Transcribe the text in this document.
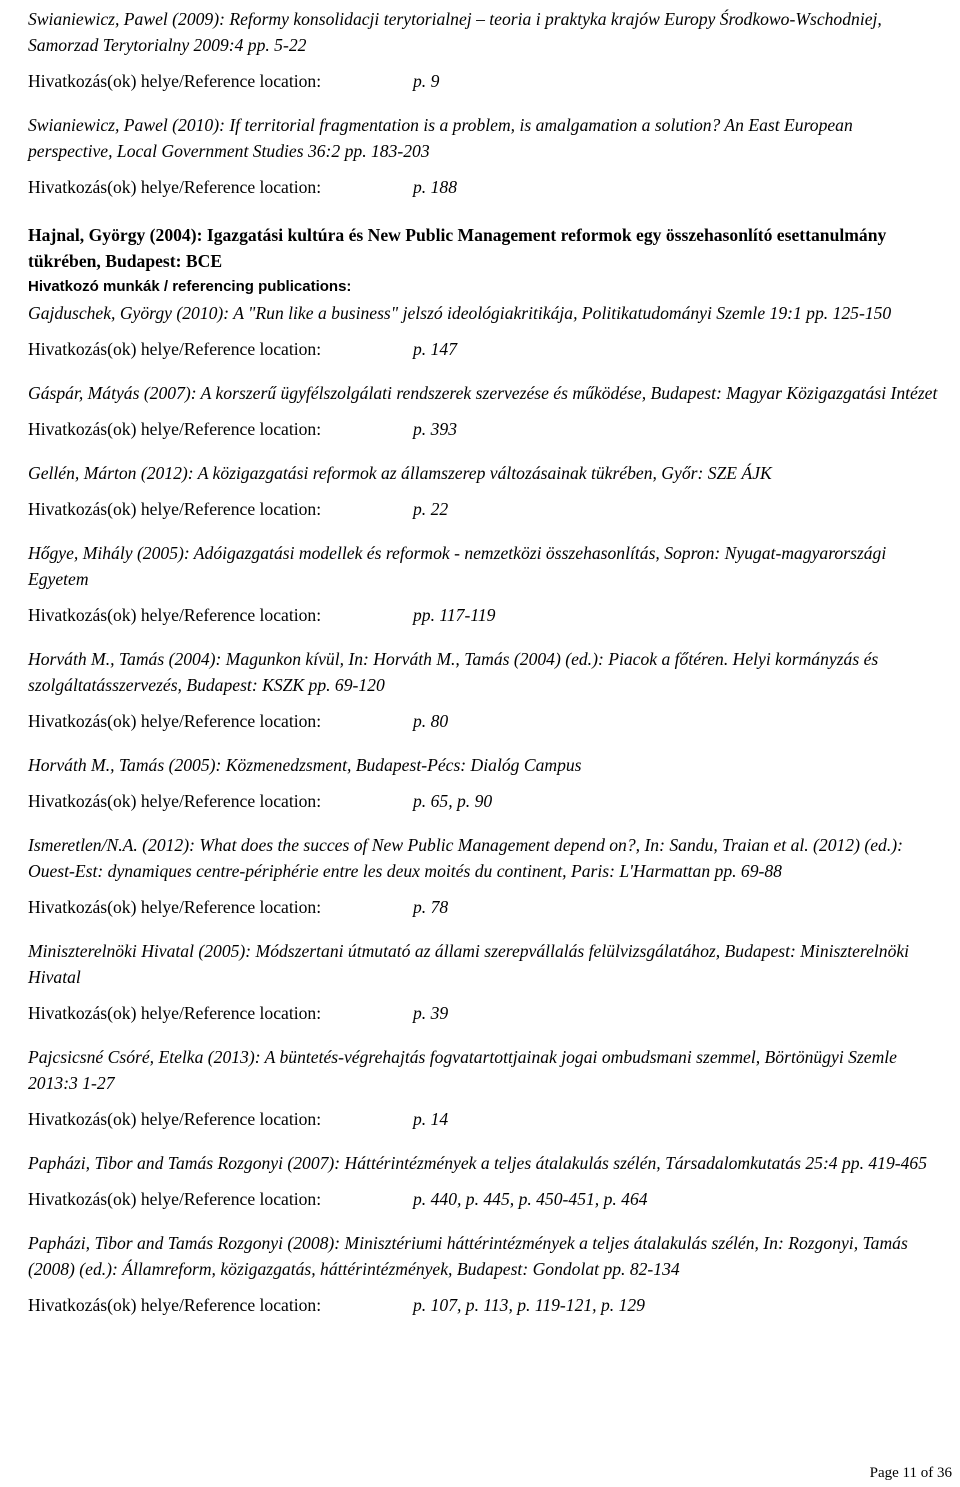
Swianiewicz, Pawel (2009): Reformy konsolidacji terytorialnej – teoria i praktyka krajów Europy Środkowo-Wschodniej, Samorzad Terytorialny 2009:4 pp. 5-22
Hivatkozás(ok) helye/Reference location:	p. 9
Swianiewicz, Pawel (2010): If territorial fragmentation is a problem, is amalgamation a solution? An East European perspective, Local Government Studies 36:2 pp. 183-203
Hivatkozás(ok) helye/Reference location:	p. 188
Hajnal, György (2004): Igazgatási kultúra és New Public Management reformok egy összehasonlító esettanulmány tükrében, Budapest: BCE
Hivatkozó munkák / referencing publications:
Gajduschek, György (2010): A "Run like a business" jelszó ideológiakritikája, Politikatudományi Szemle 19:1 pp. 125-150
Hivatkozás(ok) helye/Reference location:	p. 147
Gáspár, Mátyás (2007): A korszerű ügyfélszolgálati rendszerek szervezése és működése, Budapest: Magyar Közigazgatási Intézet
Hivatkozás(ok) helye/Reference location:	p. 393
Gellén, Márton (2012): A közigazgatási reformok az államszerep változásainak tükrében, Győr: SZE ÁJK
Hivatkozás(ok) helye/Reference location:	p. 22
Hőgye, Mihály (2005): Adóigazgatási modellek és reformok - nemzetközi összehasonlítás, Sopron: Nyugat-magyarországi Egyetem
Hivatkozás(ok) helye/Reference location:	pp. 117-119
Horváth M., Tamás (2004): Magunkon kívül, In: Horváth M., Tamás (2004) (ed.): Piacok a főtéren. Helyi kormányzás és szolgáltatásszervezés, Budapest: KSZK pp. 69-120
Hivatkozás(ok) helye/Reference location:	p. 80
Horváth M., Tamás (2005): Közmenedzsment, Budapest-Pécs: Dialóg Campus
Hivatkozás(ok) helye/Reference location:	p. 65, p. 90
Ismeretlen/N.A. (2012): What does the succes of New Public Management depend on?, In: Sandu, Traian et al. (2012) (ed.): Ouest-Est: dynamiques centre-périphérie entre les deux moités du continent, Paris: L'Harmattan pp. 69-88
Hivatkozás(ok) helye/Reference location:	p. 78
Miniszterelnöki Hivatal (2005): Módszertani útmutató az állami szerepvállalás felülvizsgálatához, Budapest: Miniszterelnöki Hivatal
Hivatkozás(ok) helye/Reference location:	p. 39
Pajcsicsné Csóré, Etelka (2013): A büntetés-végrehajtás fogvatartottjainak jogai ombudsmani szemmel, Börtönügyi Szemle 2013:3 1-27
Hivatkozás(ok) helye/Reference location:	p. 14
Papházi, Tibor and Tamás Rozgonyi (2007): Háttérintézmények a teljes átalakulás szélén, Társadalomkutatás 25:4 pp. 419-465
Hivatkozás(ok) helye/Reference location:	p. 440, p. 445, p. 450-451, p. 464
Papházi, Tibor and Tamás Rozgonyi (2008): Minisztériumi háttérintézmények a teljes átalakulás szélén, In: Rozgonyi, Tamás (2008) (ed.): Államreform, közigazgatás, háttérintézmények, Budapest: Gondolat pp. 82-134
Hivatkozás(ok) helye/Reference location:	p. 107, p. 113, p. 119-121, p. 129
Page 11 of 36
